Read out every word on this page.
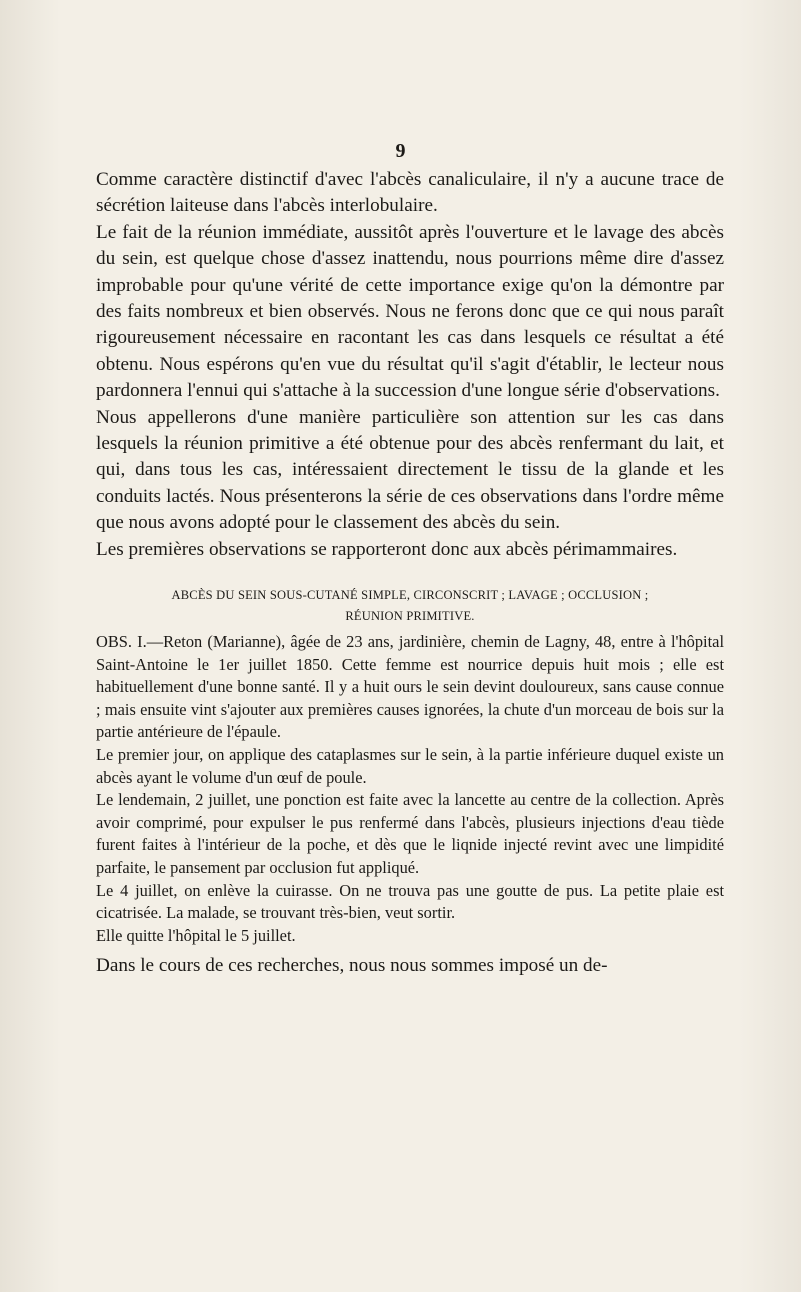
9

Comme caractère distinctif d'avec l'abcès canaliculaire, il n'y a aucune trace de sécrétion laiteuse dans l'abcès interlobulaire.

Le fait de la réunion immédiate, aussitôt après l'ouverture et le lavage des abcès du sein, est quelque chose d'assez inattendu, nous pourrions même dire d'assez improbable pour qu'une vérité de cette importance exige qu'on la démontre par des faits nombreux et bien observés. Nous ne ferons donc que ce qui nous paraît rigoureusement nécessaire en racontant les cas dans lesquels ce résultat a été obtenu. Nous espérons qu'en vue du résultat qu'il s'agit d'établir, le lecteur nous pardonnera l'ennui qui s'attache à la succession d'une longue série d'observations.

Nous appellerons d'une manière particulière son attention sur les cas dans lesquels la réunion primitive a été obtenue pour des abcès renfermant du lait, et qui, dans tous les cas, intéressaient directement le tissu de la glande et les conduits lactés. Nous présenterons la série de ces observations dans l'ordre même que nous avons adopté pour le classement des abcès du sein.

Les premières observations se rapporteront donc aux abcès périmammaires.

ABCÈS DU SEIN SOUS-CUTANÉ SIMPLE, CIRCONSCRIT ; LAVAGE ; OCCLUSION ;
RÉUNION PRIMITIVE.

OBS. I.—Reton (Marianne), âgée de 23 ans, jardinière, chemin de Lagny, 48, entre à l'hôpital Saint-Antoine le 1er juillet 1850. Cette femme est nourrice depuis huit mois ; elle est habituellement d'une bonne santé. Il y a huit ours le sein devint douloureux, sans cause connue ; mais ensuite vint s'ajouter aux premières causes ignorées, la chute d'un morceau de bois sur la partie antérieure de l'épaule.

Le premier jour, on applique des cataplasmes sur le sein, à la partie inférieure duquel existe un abcès ayant le volume d'un œuf de poule.

Le lendemain, 2 juillet, une ponction est faite avec la lancette au centre de la collection. Après avoir comprimé, pour expulser le pus renfermé dans l'abcès, plusieurs injections d'eau tiède furent faites à l'intérieur de la poche, et dès que le liqnide injecté revint avec une limpidité parfaite, le pansement par occlusion fut appliqué.

Le 4 juillet, on enlève la cuirasse. On ne trouva pas une goutte de pus. La petite plaie est cicatrisée. La malade, se trouvant très-bien, veut sortir.

Elle quitte l'hôpital le 5 juillet.

Dans le cours de ces recherches, nous nous sommes imposé un de-
